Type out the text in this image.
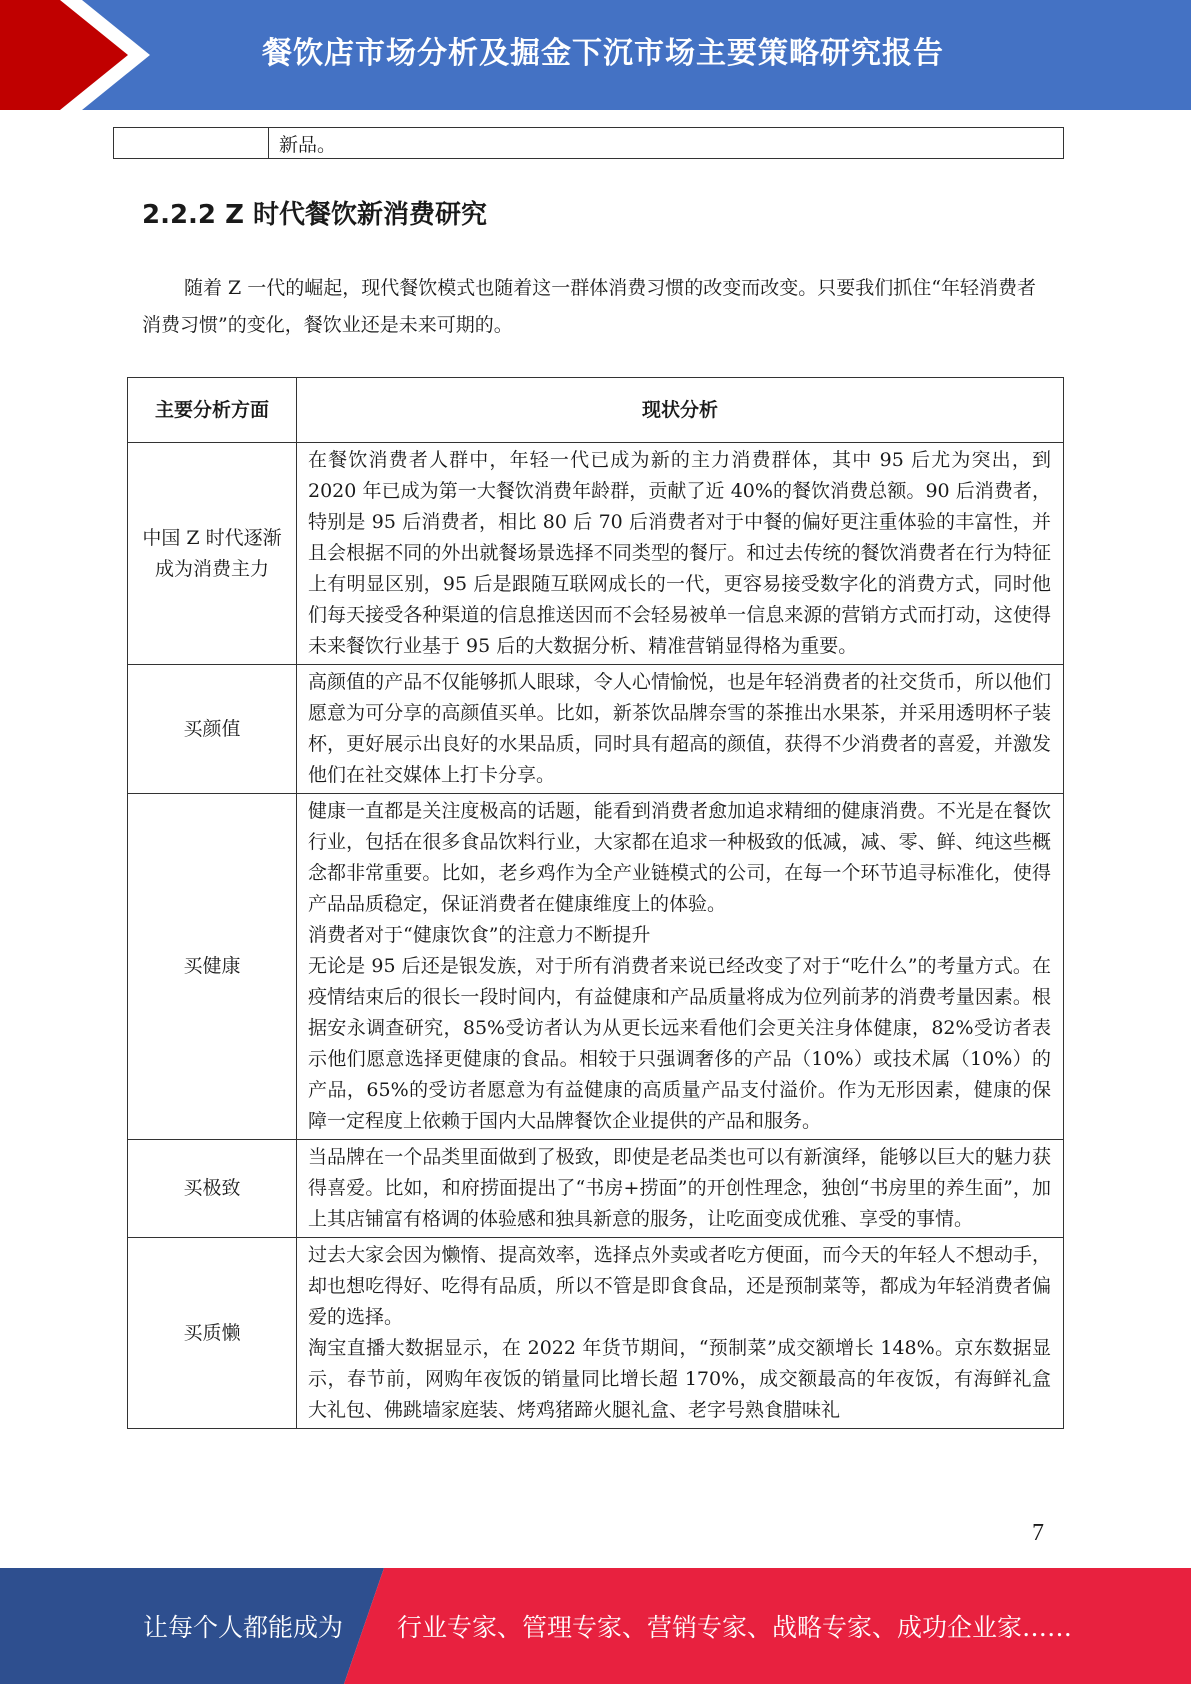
餐饮店市场分析及掘金下沉市场主要策略研究报告
	新品。
2.2.2 Z 时代餐饮新消费研究
随着 Z 一代的崛起，现代餐饮模式也随着这一群体消费习惯的改变而改变。只要我们抓住“年轻消费者消费习惯”的变化，餐饮业还是未来可期的。
主要分析方面	现状分析
中国 Z 时代逐渐成为消费主力	在餐饮消费者人群中，年轻一代已成为新的主力消费群体，其中 95 后尤为突出，到 2020 年已成为第一大餐饮消费年龄群，贡献了近 40%的餐饮消费总额。90 后消费者，特别是 95 后消费者，相比 80 后 70 后消费者对于中餐的偏好更注重体验的丰富性，并且会根据不同的外出就餐场景选择不同类型的餐厅。和过去传统的餐饮消费者在行为特征上有明显区别，95 后是跟随互联网成长的一代，更容易接受数字化的消费方式，同时他们每天接受各种渠道的信息推送因而不会轻易被单一信息来源的营销方式而打动，这使得未来餐饮行业基于 95 后的大数据分析、精准营销显得格为重要。

买颜值	高颜值的产品不仅能够抓人眼球，令人心情愉悦，也是年轻消费者的社交货币，所以他们愿意为可分享的高颜值买单。比如，新茶饮品牌奈雪的茶推出水果茶，并采用透明杯子装杯，更好展示出良好的水果品质，同时具有超高的颜值，获得不少消费者的喜爱，并激发他们在社交媒体上打卡分享。

买健康	健康一直都是关注度极高的话题，能看到消费者愈加追求精细的健康消费。不光是在餐饮行业，包括在很多食品饮料行业，大家都在追求一种极致的低减，减、零、鲜、纯这些概念都非常重要。比如，老乡鸡作为全产业链模式的公司，在每一个环节追寻标准化，使得产品品质稳定，保证消费者在健康维度上的体验。
消费者对于“健康饮食”的注意力不断提升
无论是 95 后还是银发族，对于所有消费者来说已经改变了对于“吃什么”的考量方式。在疫情结束后的很长一段时间内，有益健康和产品质量将成为位列前茅的消费考量因素。根据安永调查研究，85%受访者认为从更长远来看他们会更关注身体健康，82%受访者表示他们愿意选择更健康的食品。相较于只强调奢侈的产品（10%）或技术属（10%）的产品，65%的受访者愿意为有益健康的高质量产品支付溢价。作为无形因素，健康的保障一定程度上依赖于国内大品牌餐饮企业提供的产品和服务。

买极致	当品牌在一个品类里面做到了极致，即使是老品类也可以有新演绎，能够以巨大的魅力获得喜爱。比如，和府捞面提出了“书房+捞面”的开创性理念，独创“书房里的养生面”，加上其店铺富有格调的体验感和独具新意的服务，让吃面变成优雅、享受的事情。

买质懒	过去大家会因为懒惰、提高效率，选择点外卖或者吃方便面，而今天的年轻人不想动手，却也想吃得好、吃得有品质，所以不管是即食食品，还是预制菜等，都成为年轻消费者偏爱的选择。
淘宝直播大数据显示，在 2022 年货节期间，“预制菜”成交额增长 148%。京东数据显示，春节前，网购年夜饭的销量同比增长超 170%，成交额最高的年夜饭，有海鲜礼盒大礼包、佛跳墙家庭装、烤鸡猪蹄火腿礼盒、老字号熟食腊味礼
7
让每个人都能成为 行业专家、管理专家、营销专家、战略专家、成功企业家……
